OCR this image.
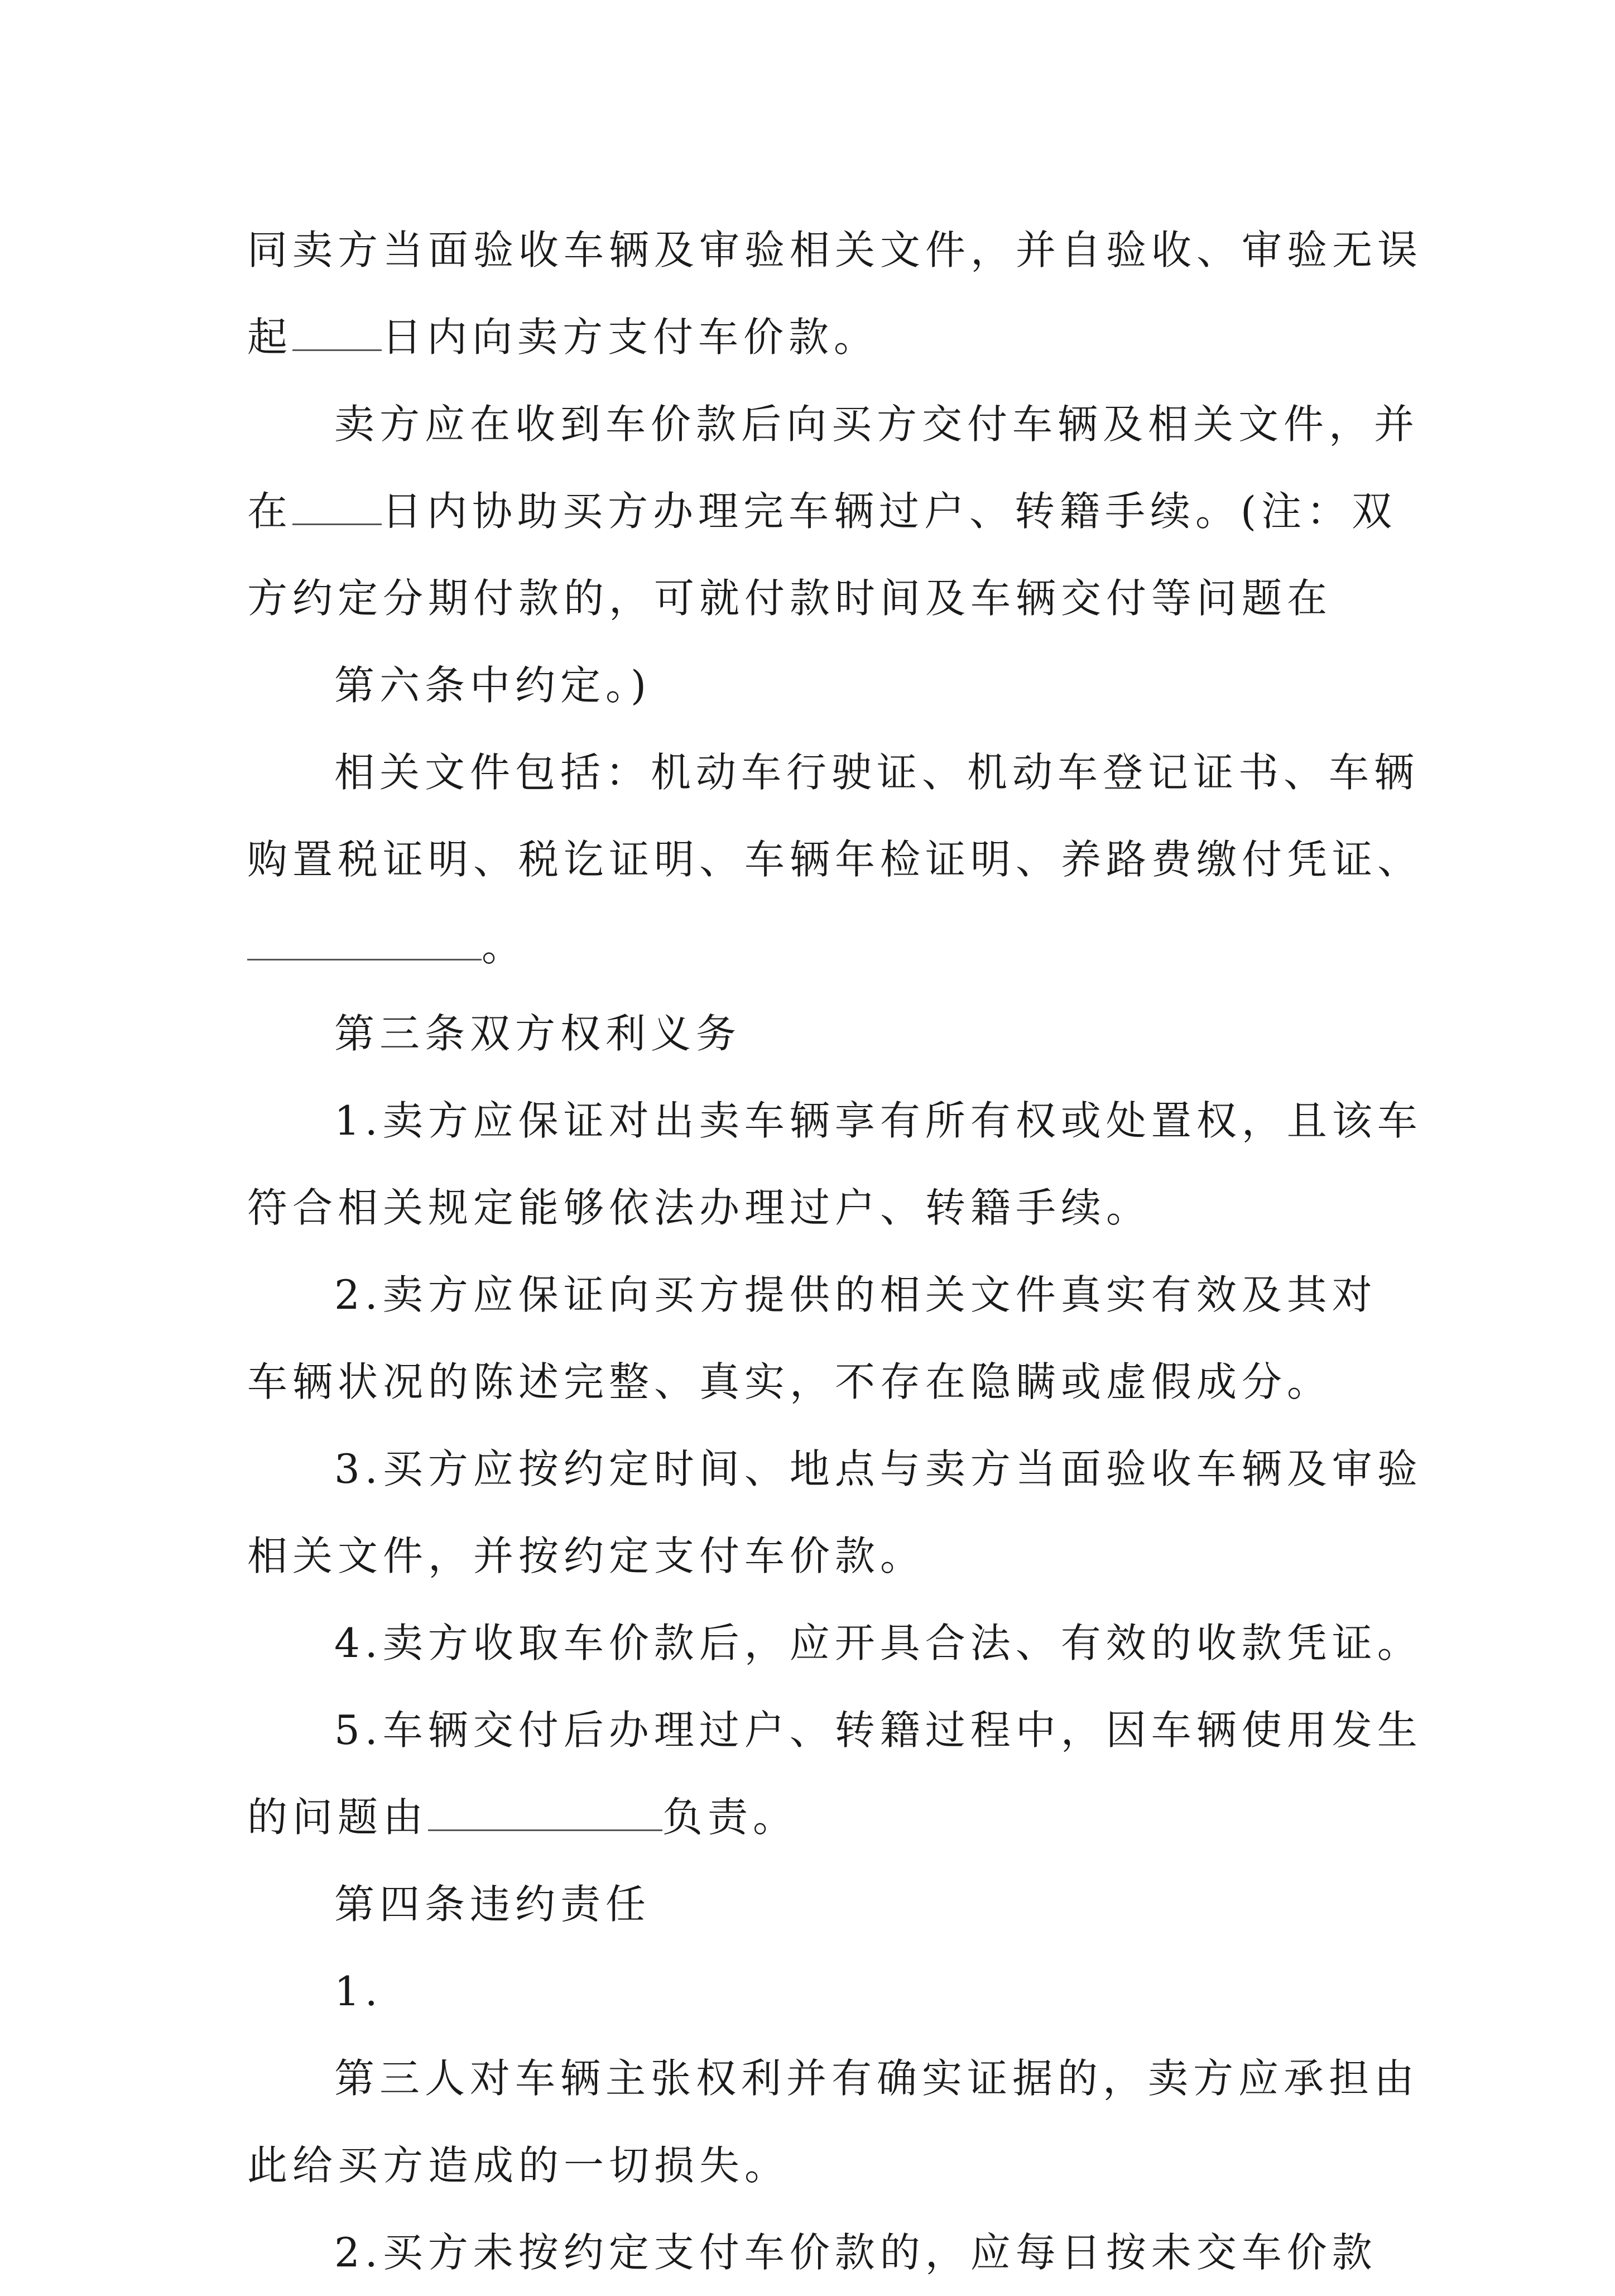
同卖方当面验收车辆及审验相关文件，并自验收、审验无误
起 日内向卖方支付车价款。
卖方应在收到车价款后向买方交付车辆及相关文件，并
在 日内协助买方办理完车辆过户、转籍手续。(注：双
方约定分期付款的，可就付款时间及车辆交付等问题在
第六条中约定。)
相关文件包括：机动车行驶证、机动车登记证书、车辆
购置税证明、税讫证明、车辆年检证明、养路费缴付凭证、
。
第三条双方权利义务
1.卖方应保证对出卖车辆享有所有权或处置权，且该车
符合相关规定能够依法办理过户、转籍手续。
2.卖方应保证向买方提供的相关文件真实有效及其对
车辆状况的陈述完整、真实，不存在隐瞒或虚假成分。
3.买方应按约定时间、地点与卖方当面验收车辆及审验
相关文件，并按约定支付车价款。
4.卖方收取车价款后，应开具合法、有效的收款凭证。
5.车辆交付后办理过户、转籍过程中，因车辆使用发生
的问题由	负责。
第四条违约责任
1.
第三人对车辆主张权利并有确实证据的，卖方应承担由
此给买方造成的一切损失。
2.买方未按约定支付车价款的，应每日按未交车价款
